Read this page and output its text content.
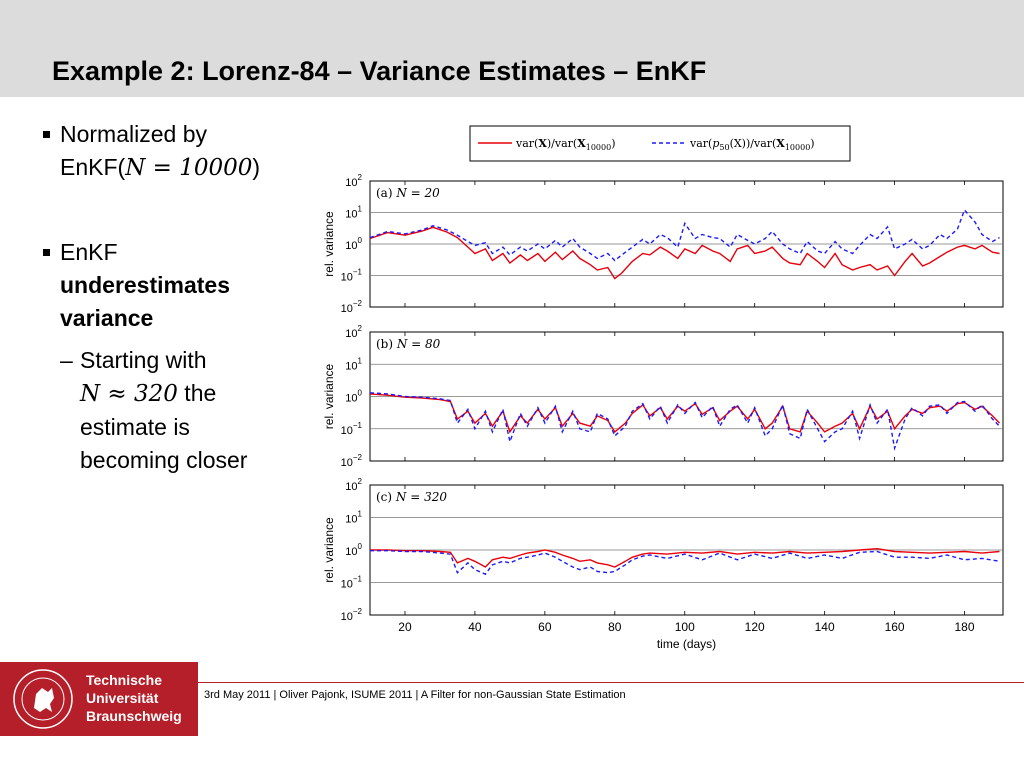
Example 2: Lorenz-84 – Variance Estimates – EnKF
Normalized by
EnKF(N = 10000)
EnKF
underestimates
variance
– Starting with
N ≈ 320 the
estimate is
becoming closer
$var(X)/var(X_{10000})$	$var(p_{50}(X))/var(X_{10000})$
$10^{-2}$
$10^{-1}$
$10^0$
$10^1$
$10^2$
rel. variance
(a) N = 20
$10^{-2}$
$10^{-1}$
$10^0$
$10^1$
$10^2$
rel. variance
(b) N = 80
$10^{-2}$
$10^{-1}$
$10^0$
$10^1$
$10^2$
rel. variance
(c) N = 320
20	40	60	80	100	120	140	160	180
time (days)
Technische
Universität
Braunschweig
3rd May 2011 | Oliver Pajonk, ISUME 2011 | A Filter for non-Gaussian State Estimation
